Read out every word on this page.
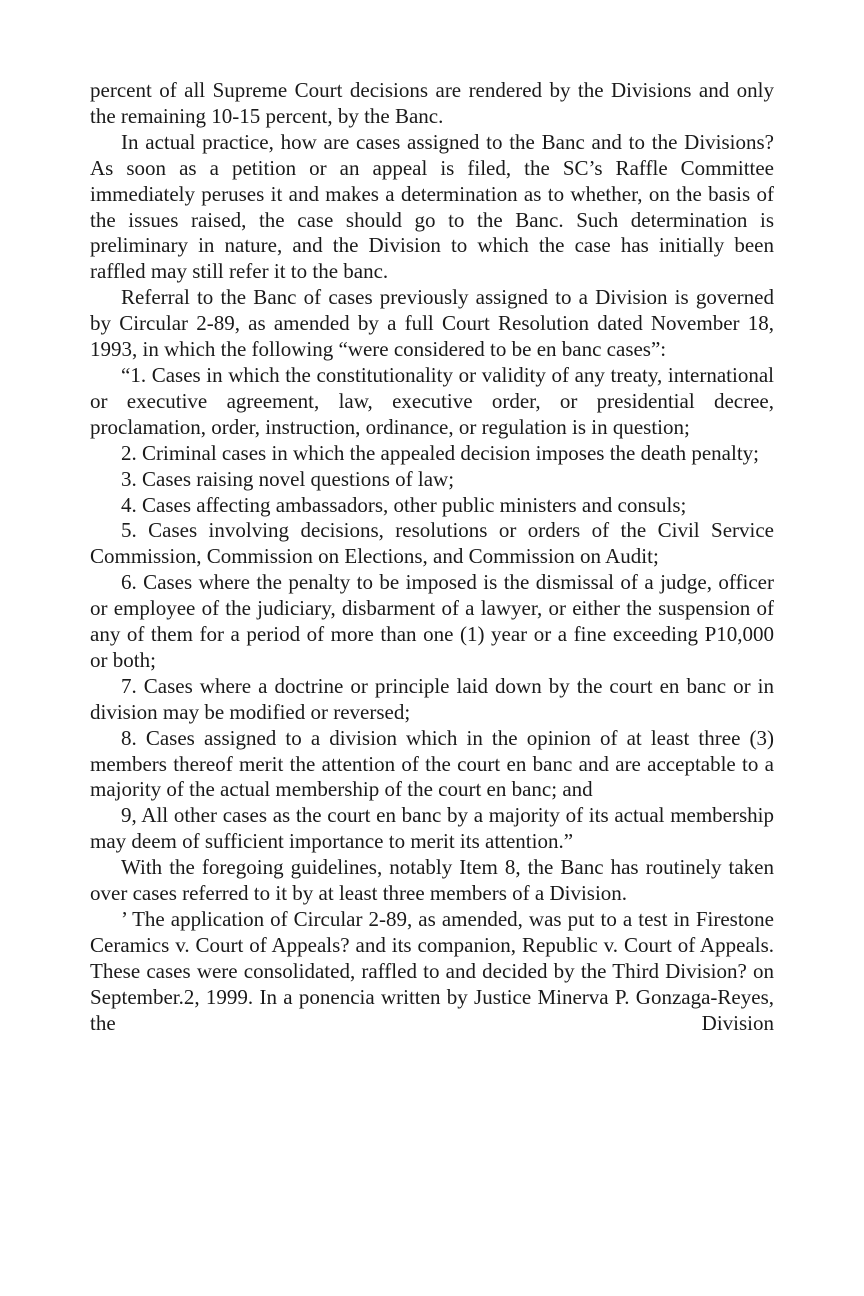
percent of all Supreme Court decisions are rendered by the Divisions and only the remaining 10-15 percent, by the Banc.

In actual practice, how are cases assigned to the Banc and to the Divisions? As soon as a petition or an appeal is filed, the SC’s Raffle Committee immediately peruses it and makes a determination as to whether, on the basis of the issues raised, the case should go to the Banc. Such determination is preliminary in nature, and the Division to which the case has initially been raffled may still refer it to the banc.

Referral to the Banc of cases previously assigned to a Division is governed by Circular 2-89, as amended by a full Court Resolution dated November 18, 1993, in which the following “were considered to be en banc cases”:

“1. Cases in which the constitutionality or validity of any treaty, international or executive agreement, law, executive order, or presidential decree, proclamation, order, instruction, ordinance, or regulation is in question;

2. Criminal cases in which the appealed decision imposes the death penalty;

3. Cases raising novel questions of law;

4. Cases affecting ambassadors, other public ministers and consuls;

5. Cases involving decisions, resolutions or orders of the Civil Service Commission, Commission on Elections, and Commission on Audit;

6. Cases where the penalty to be imposed is the dismissal of a judge, officer or employee of the judiciary, disbarment of a lawyer, or either the suspension of any of them for a period of more than one (1) year or a fine exceeding P10,000 or both;

7. Cases where a doctrine or principle laid down by the court en banc or in division may be modified or reversed;

8. Cases assigned to a division which in the opinion of at least three (3) members thereof merit the attention of the court en banc and are acceptable to a majority of the actual membership of the court en banc; and

9, All other cases as the court en banc by a majority of its actual membership may deem of sufficient importance to merit its attention.”

With the foregoing guidelines, notably Item 8, the Banc has routinely taken over cases referred to it by at least three members of a Division.

’ The application of Circular 2-89, as amended, was put to a test in Firestone Ceramics v. Court of Appeals? and its companion, Republic v. Court of Appeals. These cases were consolidated, raffled to and decided by the Third Division? on September.2, 1999. In a ponencia written by Justice Minerva P. Gonzaga-Reyes, the Division
